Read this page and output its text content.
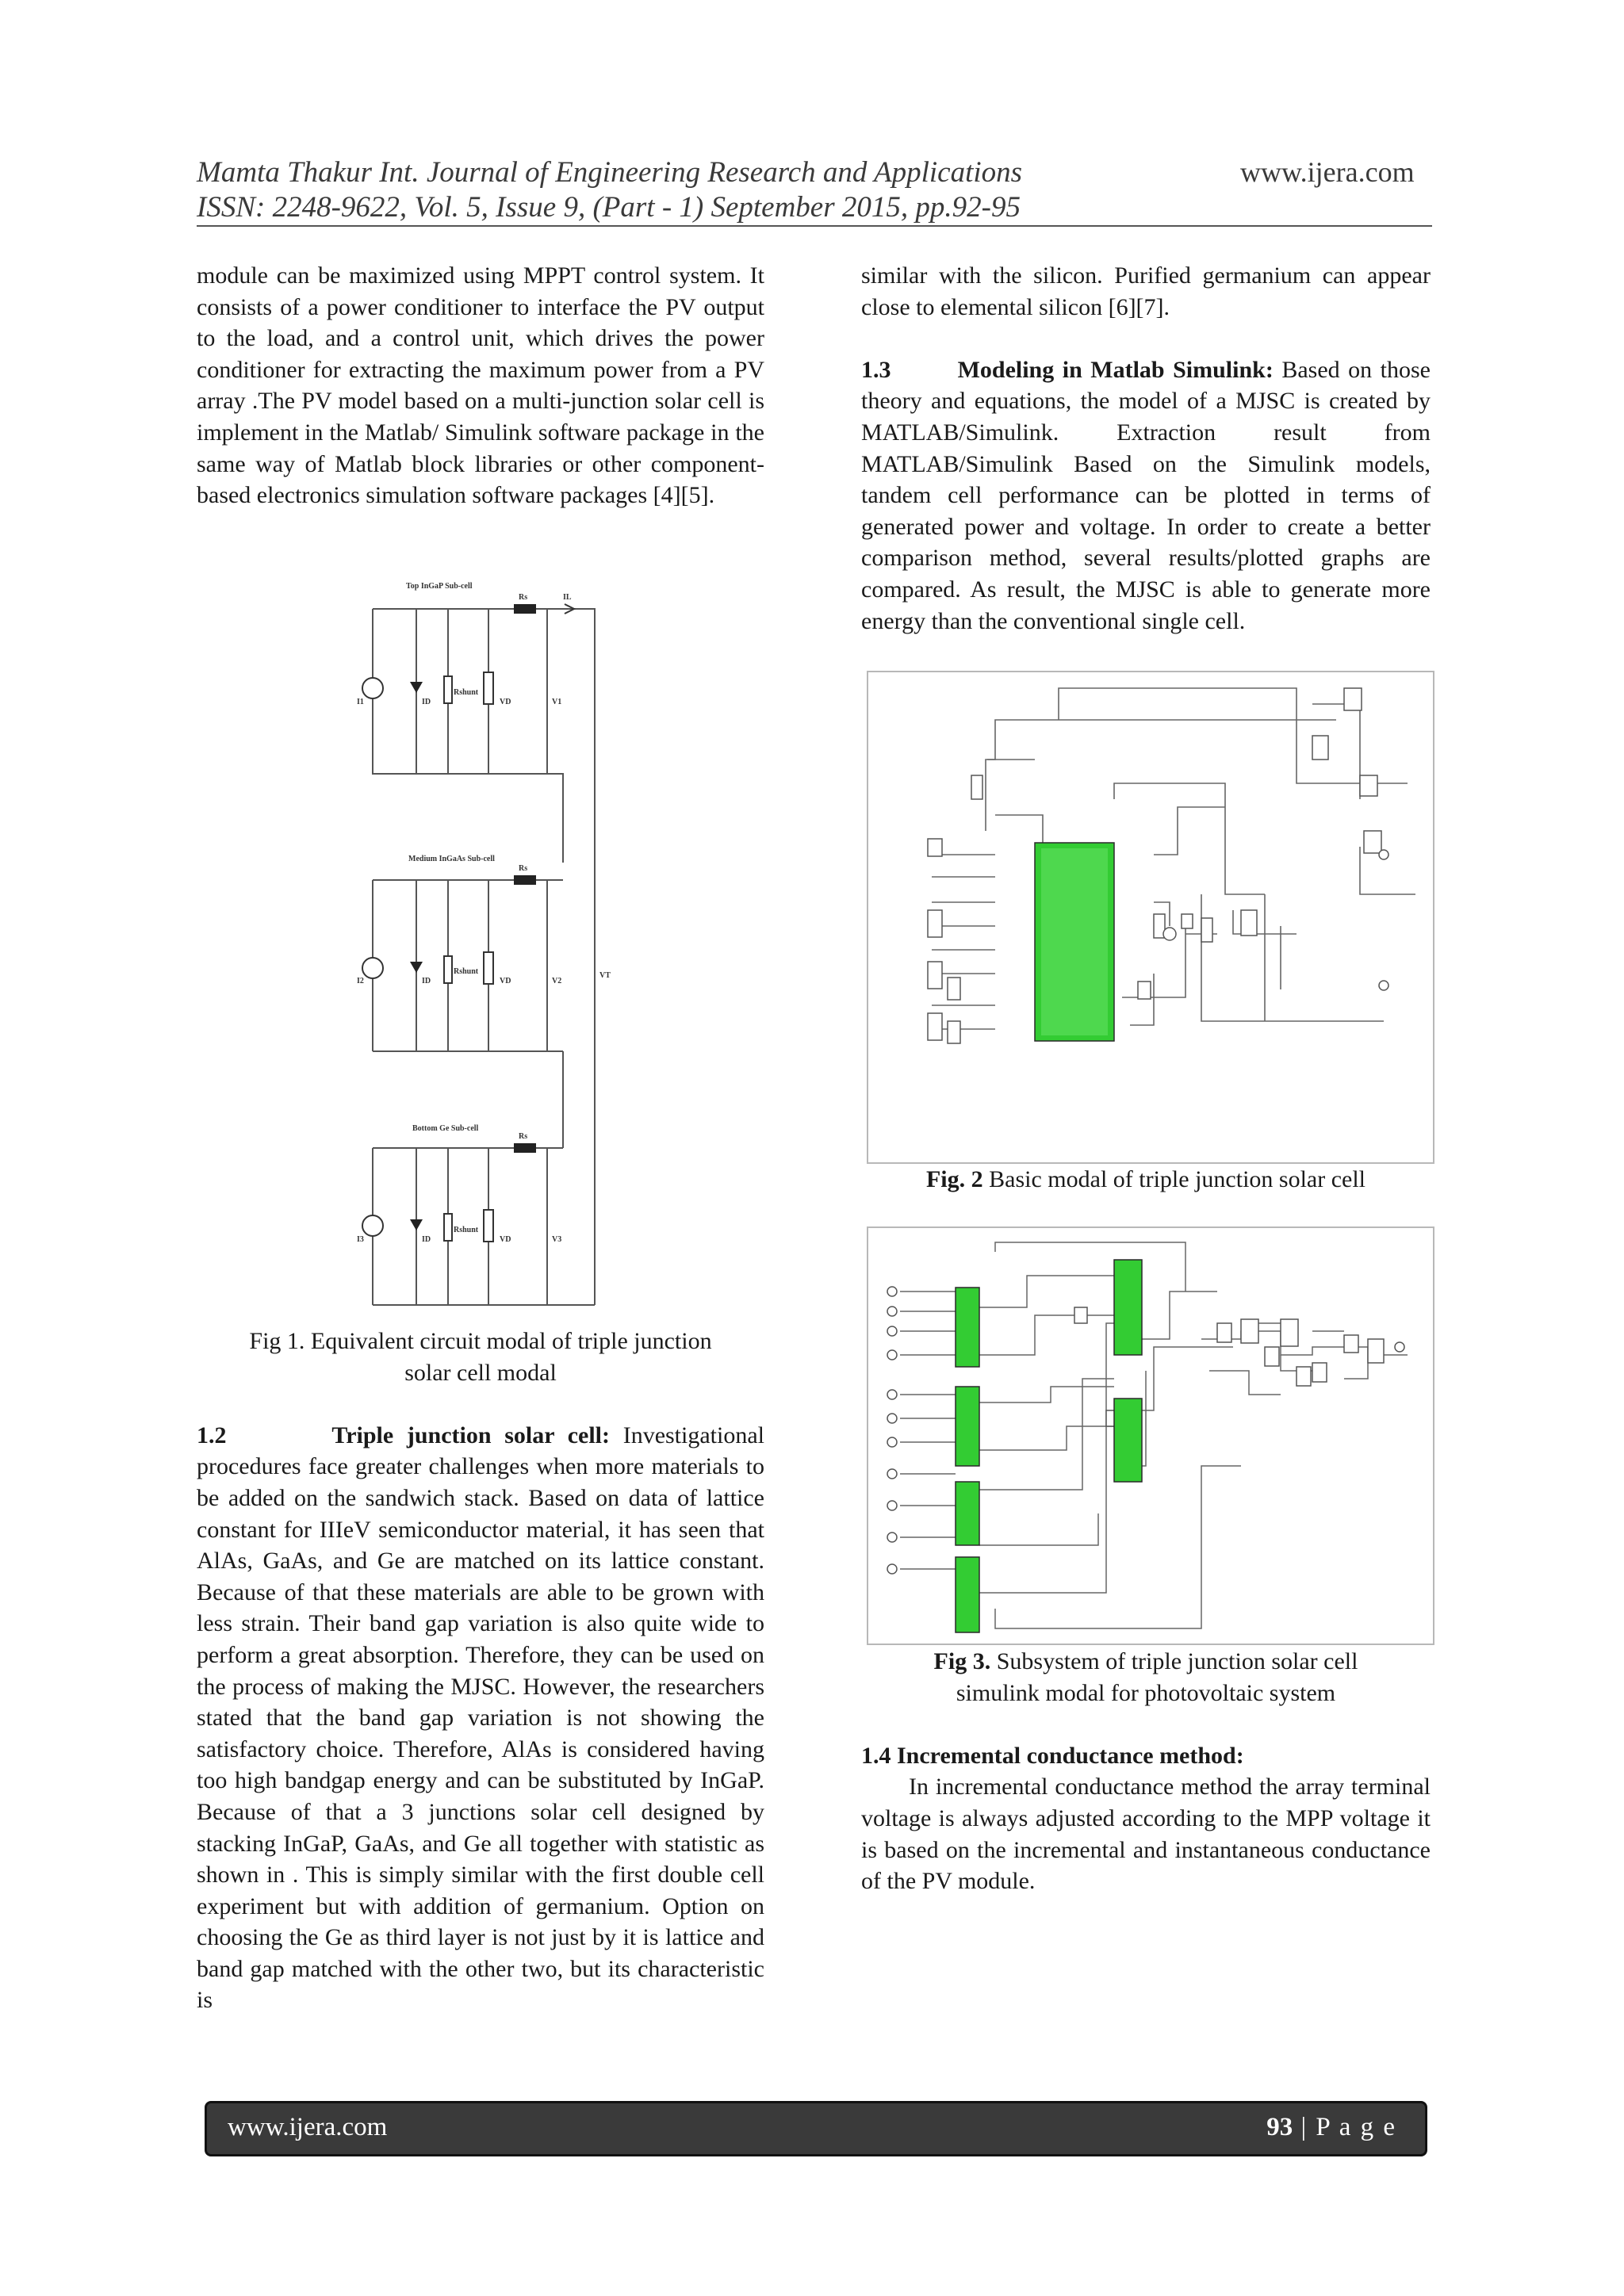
Mamta Thakur Int. Journal of Engineering Research and Applications	www.ijera.com
ISSN: 2248-9622, Vol. 5, Issue 9, (Part - 1) September 2015, pp.92-95

module can be maximized using MPPT control system. It consists of a power conditioner to interface the PV output to the load, and a control unit, which drives the power conditioner for extracting the maximum power from a PV array .The PV model based on a multi-junction solar cell is implement in the Matlab/ Simulink software package in the same way of Matlab block libraries or other component-based electronics simulation software packages [4][5].

Top InGaP Sub-cell
Medium InGaAs Sub-cell
Bottom Ge Sub-cell
Rs
Rs
Rs
IL
I1
I2
I3
ID
ID
ID
Rshunt
Rshunt
Rshunt
VD
VD
VD
V1
V2
V3
VT

Fig 1. Equivalent circuit modal of triple junction

solar cell modal

1.2        Triple junction solar cell: Investigational procedures face greater challenges when more materials to be added on the sandwich stack. Based on data of lattice constant for IIIeV semiconductor material, it has seen that AlAs, GaAs, and Ge are matched on its lattice constant. Because of that these materials are able to be grown with less strain. Their band gap variation is also quite wide to perform a great absorption. Therefore, they can be used on the process of making the MJSC. However, the researchers stated that the band gap variation is not showing the satisfactory choice. Therefore, AlAs is considered having too high bandgap energy and can be substituted by InGaP. Because of that a 3 junctions solar cell designed by stacking InGaP, GaAs, and Ge all together with statistic as shown in . This is simply similar with the first double cell experiment but with addition of germanium. Option on choosing the Ge as third layer is not just by it is lattice and band gap matched with the other two, but its characteristic is

similar with the silicon. Purified germanium can appear close to elemental silicon [6][7].

1.3        Modeling in Matlab Simulink: Based on those theory and equations, the model of a MJSC is created by MATLAB/Simulink. Extraction result from MATLAB/Simulink Based on the Simulink models, tandem cell performance can be plotted in terms of generated power and voltage. In order to create a better comparison method, several results/plotted graphs are compared. As result, the MJSC is able to generate more energy than the conventional single cell.

Fig. 2 Basic modal of triple junction solar cell

Fig 3. Subsystem of triple junction solar cell

simulink modal for photovoltaic system

1.4 Incremental conductance method:

In incremental conductance method the array terminal voltage is always adjusted according to the MPP voltage it is based on the incremental and instantaneous conductance of the PV module.

www.ijera.com	93 | P a g e
